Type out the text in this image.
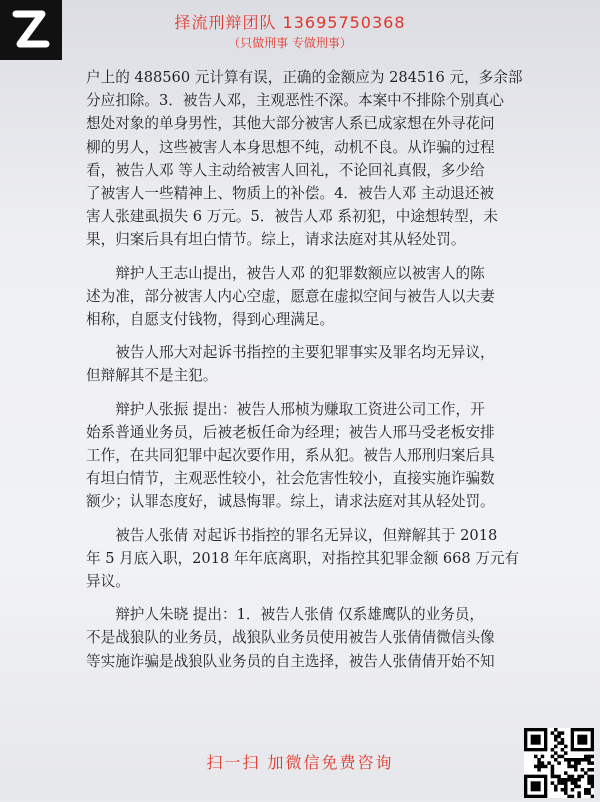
择流刑辩团队 13695750368
（只做刑事 专做刑事）

户上的 488560 元计算有误，正确的金额应为 284516 元，多余部

分应扣除。3．被告人邓，主观恶性不深。本案中不排除个别真心

想处对象的单身男性，其他大部分被害人系已成家想在外寻花问

柳的男人，这些被害人本身思想不纯，动机不良。从诈骗的过程

看，被告人邓 等人主动给被害人回礼，不论回礼真假，多少给

了被害人一些精神上、物质上的补偿。4．被告人邓 主动退还被

害人张建虱损失 6 万元。5．被告人邓 系初犯，中途想转型，未

果，归案后具有坦白情节。综上，请求法庭对其从轻处罚。

辩护人王志山提出，被告人邓 的犯罪数额应以被害人的陈

述为准，部分被害人内心空虚，愿意在虚拟空间与被告人以夫妻

相称，自愿支付钱物，得到心理满足。

被告人邢大对起诉书指控的主要犯罪事实及罪名均无异议，

但辩解其不是主犯。

辩护人张振 提出：被告人邢桢为赚取工资进公司工作，开

始系普通业务员，后被老板任命为经理；被告人邢马受老板安排

工作，在共同犯罪中起次要作用，系从犯。被告人邢刑归案后具

有坦白情节，主观恶性较小，社会危害性较小，直接实施诈骗数

额少；认罪态度好，诚恳悔罪。综上，请求法庭对其从轻处罚。

被告人张倩 对起诉书指控的罪名无异议，但辩解其于 2018

年 5 月底入职，2018 年年底离职，对指控其犯罪金额 668 万元有

异议。

辩护人朱晓 提出：1．被告人张倩 仅系雄鹰队的业务员，

不是战狼队的业务员，战狼队业务员使用被告人张倩倩微信头像

等实施诈骗是战狼队业务员的自主选择，被告人张倩倩开始不知

扫一扫 加微信免费咨询
